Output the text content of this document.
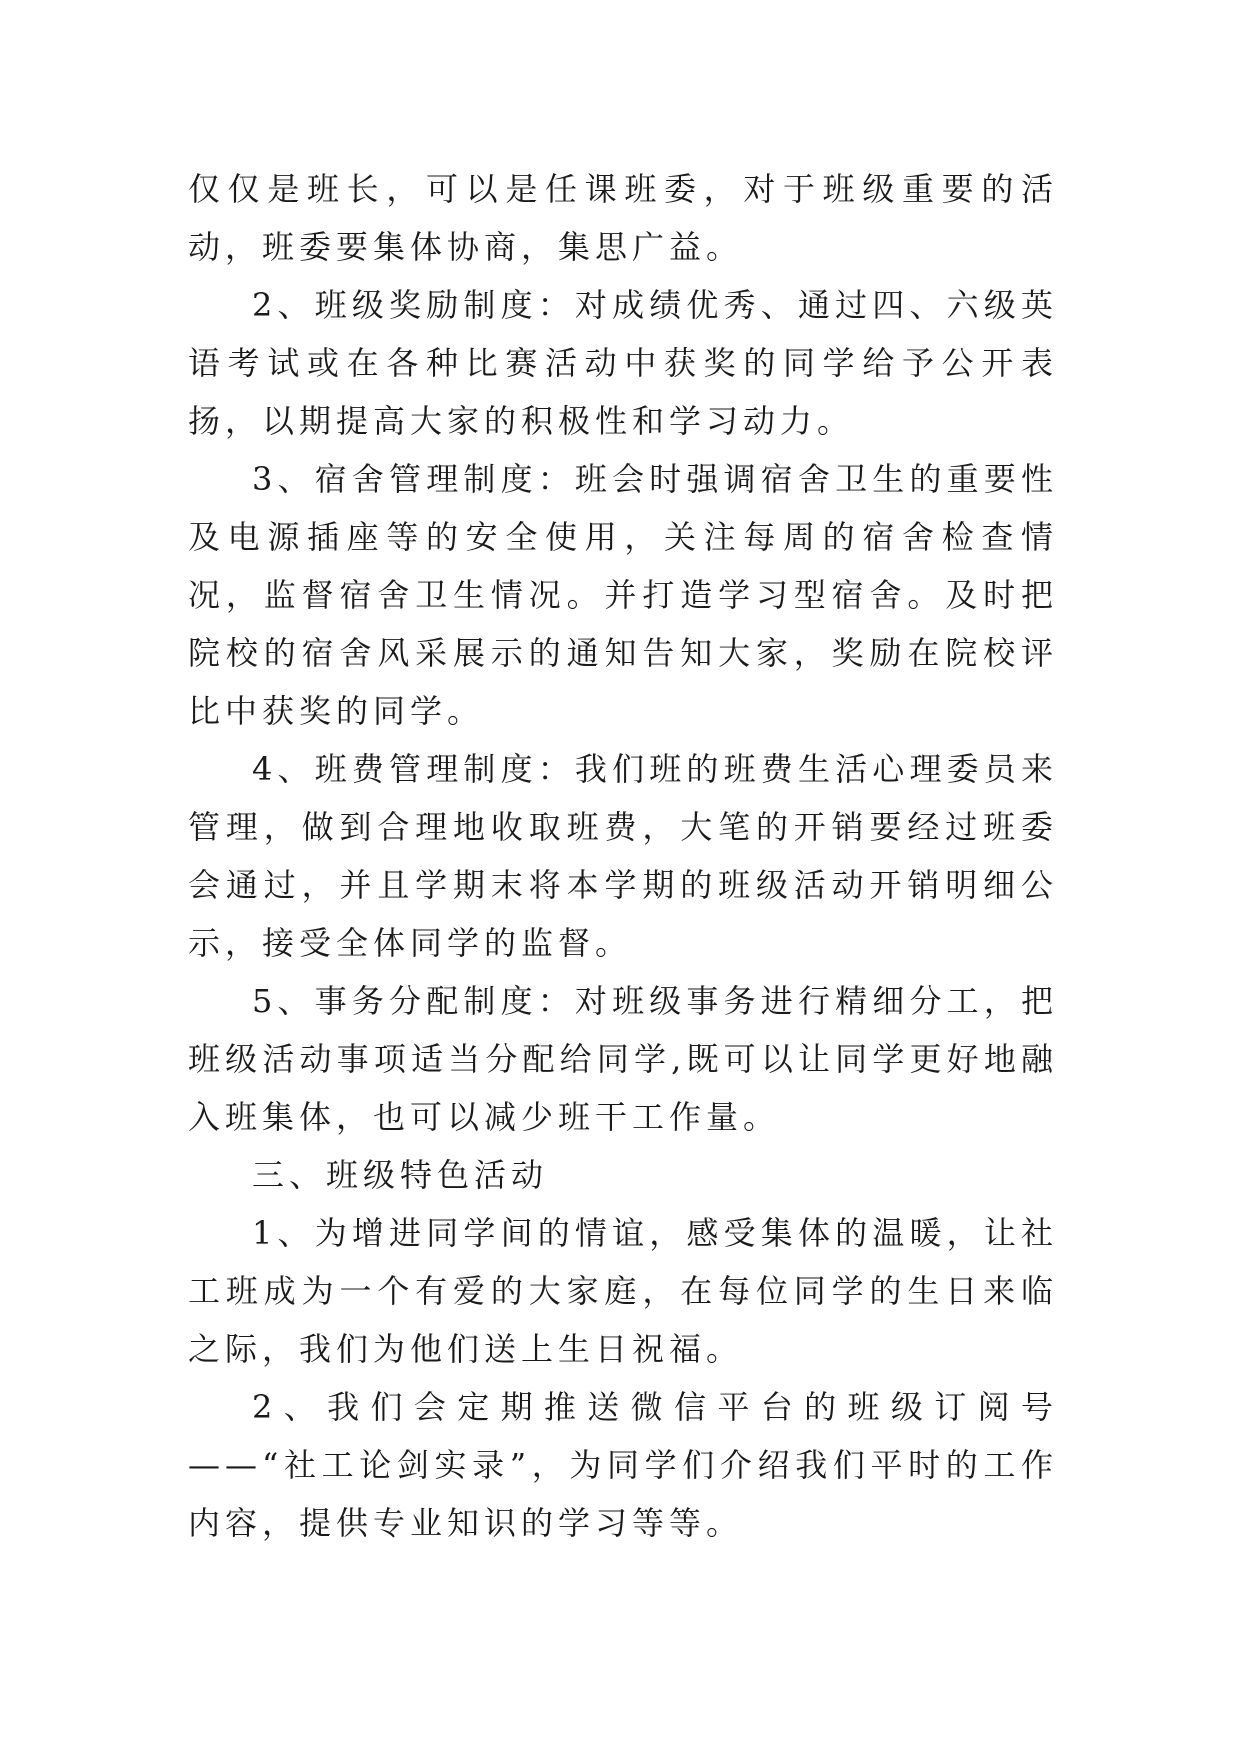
仅仅是班长，可以是任课班委，对于班级重要的活动，班委要集体协商，集思广益。

2、班级奖励制度：对成绩优秀、通过四、六级英语考试或在各种比赛活动中获奖的同学给予公开表扬，以期提高大家的积极性和学习动力。

3、宿舍管理制度：班会时强调宿舍卫生的重要性及电源插座等的安全使用，关注每周的宿舍检查情况，监督宿舍卫生情况。并打造学习型宿舍。及时把院校的宿舍风采展示的通知告知大家，奖励在院校评比中获奖的同学。

4、班费管理制度：我们班的班费生活心理委员来管理，做到合理地收取班费，大笔的开销要经过班委会通过，并且学期末将本学期的班级活动开销明细公示，接受全体同学的监督。

5、事务分配制度：对班级事务进行精细分工，把班级活动事项适当分配给同学,既可以让同学更好地融入班集体，也可以减少班干工作量。

三、班级特色活动

1、为增进同学间的情谊，感受集体的温暖，让社工班成为一个有爱的大家庭，在每位同学的生日来临之际，我们为他们送上生日祝福。

2、我们会定期推送微信平台的班级订阅号——“社工论剑实录”，为同学们介绍我们平时的工作内容，提供专业知识的学习等等。
